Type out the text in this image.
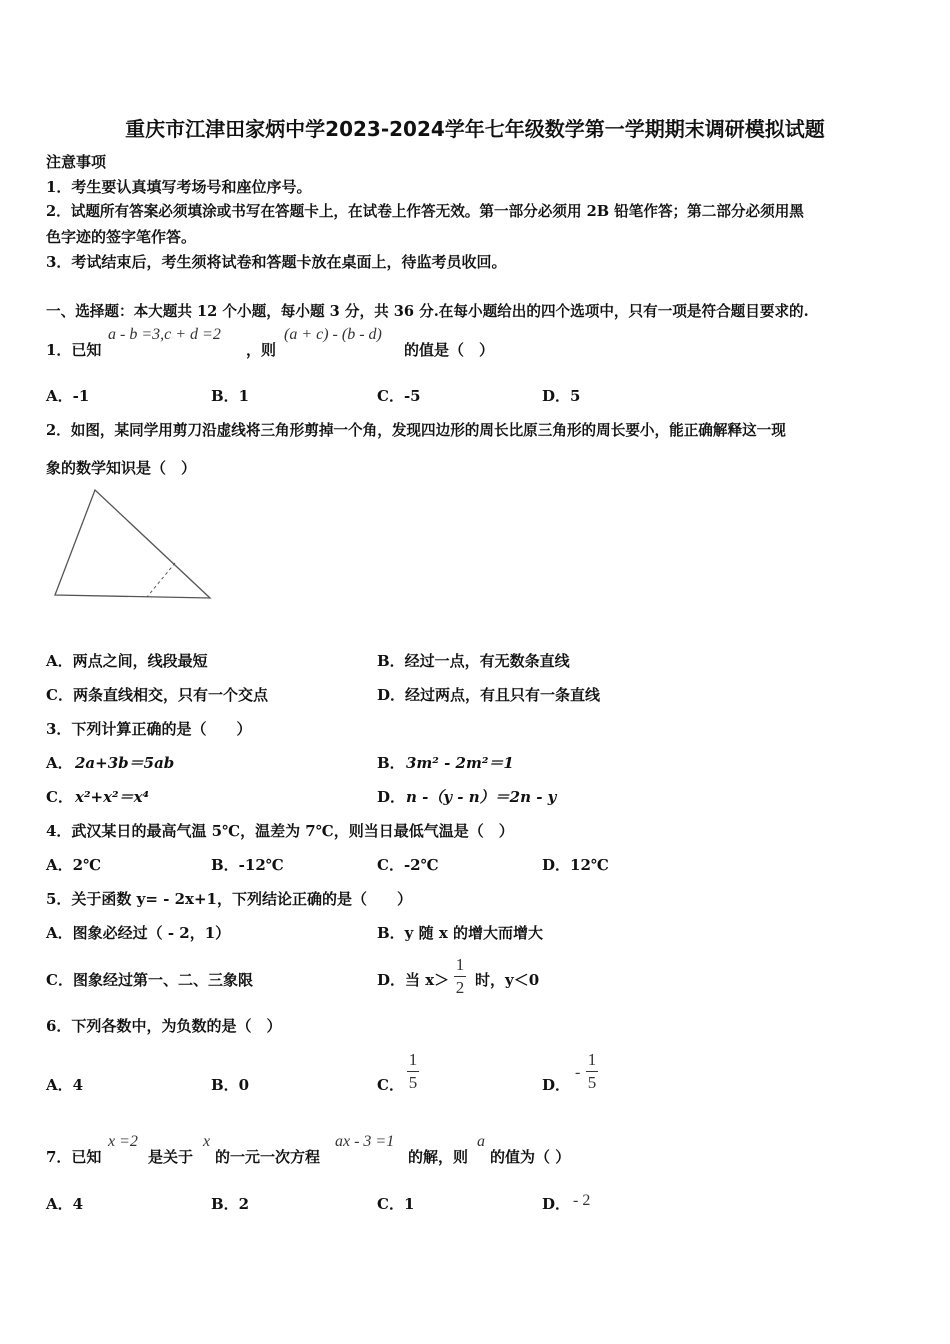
重庆市江津田家炳中学2023-2024学年七年级数学第一学期期末调研模拟试题
注意事项
1．考生要认真填写考场号和座位序号。
2．试题所有答案必须填涂或书写在答题卡上，在试卷上作答无效。第一部分必须用 2B 铅笔作答；第二部分必须用黑
色字迹的签字笔作答。
3．考试结束后，考生须将试卷和答题卡放在桌面上，待监考员收回。
一、选择题：本大题共 12 个小题，每小题 3 分，共 36 分.在每小题给出的四个选项中，只有一项是符合题目要求的.
1．已知
a - b =3,c + d =2
，则
(a + c) - (b - d)
的值是（　）
A．-1	B．1	C．-5	D．5
2．如图，某同学用剪刀沿虚线将三角形剪掉一个角，发现四边形的周长比原三角形的周长要小，能正确解释这一现
象的数学知识是（　）
A．两点之间，线段最短	B．经过一点，有无数条直线
C．两条直线相交，只有一个交点	D．经过两点，有且只有一条直线
3．下列计算正确的是（　　）
A． 2a+3b＝5ab	B． 3m² - 2m²＝1
C． x²+x²＝x⁴	D． n -（y - n）＝2n - y
4．武汉某日的最高气温 5℃，温差为 7℃，则当日最低气温是（　）
A．2℃	B．-12℃	C．-2℃	D．12℃
5．关于函数 y= - 2x+1，下列结论正确的是（　　）
A．图象必经过（ - 2，1）	B．y 随 x 的增大而增大
C．图象经过第一、二、三象限	D．当 x＞
1
2 时，y＜0
6．下列各数中，为负数的是（　）
A．4	B．0	C．
1
5	D．
-
1
5
7．已知
x =2
是关于
x
的一元一次方程
ax - 3 =1
的解，则
a
的值为（ ）
A．4	B．2	C．1	D． - 2
